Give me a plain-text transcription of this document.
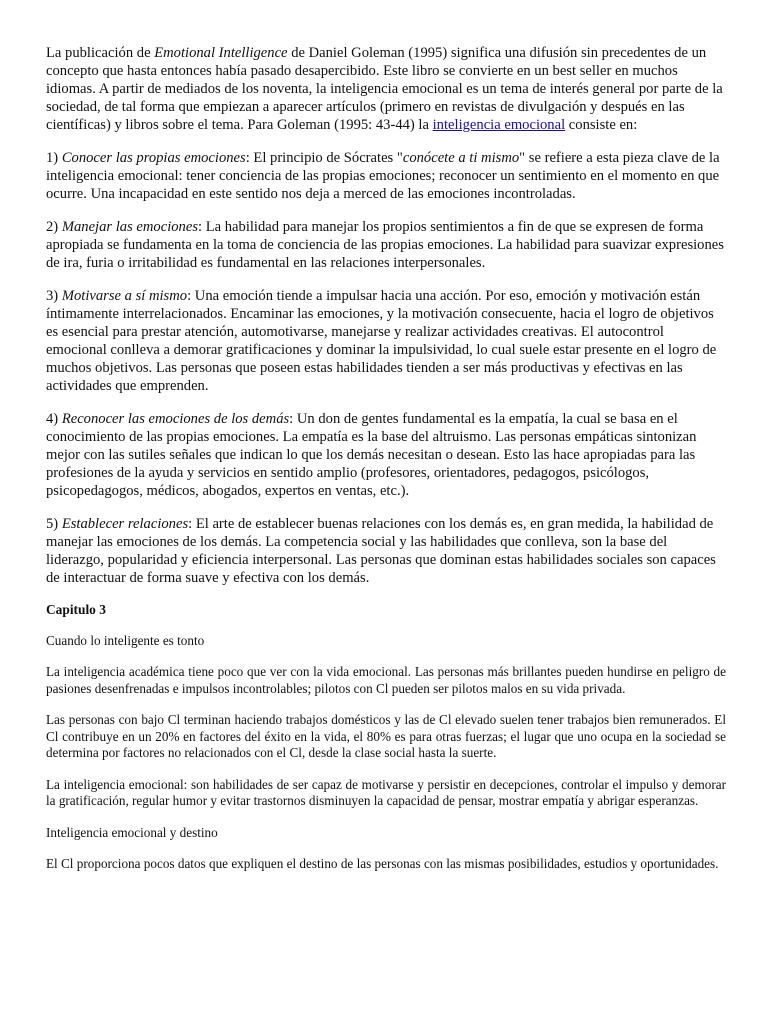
La publicación de Emotional Intelligence de Daniel Goleman (1995) significa una difusión sin precedentes de un concepto que hasta entonces había pasado desapercibido. Este libro se convierte en un best seller en muchos idiomas. A partir de mediados de los noventa, la inteligencia emocional es un tema de interés general por parte de la sociedad, de tal forma que empiezan a aparecer artículos (primero en revistas de divulgación y después en las científicas) y libros sobre el tema. Para Goleman (1995: 43-44) la inteligencia emocional consiste en:

1) Conocer las propias emociones: El principio de Sócrates "conócete a ti mismo" se refiere a esta pieza clave de la inteligencia emocional: tener conciencia de las propias emociones; reconocer un sentimiento en el momento en que ocurre. Una incapacidad en este sentido nos deja a merced de las emociones incontroladas.

2) Manejar las emociones: La habilidad para manejar los propios sentimientos a fin de que se expresen de forma apropiada se fundamenta en la toma de conciencia de las propias emociones. La habilidad para suavizar expresiones de ira, furia o irritabilidad es fundamental en las relaciones interpersonales.

3) Motivarse a sí mismo: Una emoción tiende a impulsar hacia una acción. Por eso, emoción y motivación están íntimamente interrelacionados. Encaminar las emociones, y la motivación consecuente, hacia el logro de objetivos es esencial para prestar atención, automotivarse, manejarse y realizar actividades creativas. El autocontrol emocional conlleva a demorar gratificaciones y dominar la impulsividad, lo cual suele estar presente en el logro de muchos objetivos. Las personas que poseen estas habilidades tienden a ser más productivas y efectivas en las actividades que emprenden.

4) Reconocer las emociones de los demás: Un don de gentes fundamental es la empatía, la cual se basa en el conocimiento de las propias emociones. La empatía es la base del altruismo. Las personas empáticas sintonizan mejor con las sutiles señales que indican lo que los demás necesitan o desean. Esto las hace apropiadas para las profesiones de la ayuda y servicios en sentido amplio (profesores, orientadores, pedagogos, psicólogos, psicopedagogos, médicos, abogados, expertos en ventas, etc.).

5) Establecer relaciones: El arte de establecer buenas relaciones con los demás es, en gran medida, la habilidad de manejar las emociones de los demás. La competencia social y las habilidades que conlleva, son la base del liderazgo, popularidad y eficiencia interpersonal. Las personas que dominan estas habilidades sociales son capaces de interactuar de forma suave y efectiva con los demás.

Capitulo 3

Cuando lo inteligente es tonto

La inteligencia académica tiene poco que ver con la vida emocional. Las personas más brillantes pueden hundirse en peligro de pasiones desenfrenadas e impulsos incontrolables; pilotos con Cl pueden ser pilotos malos en su vida privada.

Las personas con bajo Cl terminan haciendo trabajos domésticos y las de Cl elevado suelen tener trabajos bien remunerados. El Cl contribuye en un 20% en factores del éxito en la vida, el 80% es para otras fuerzas; el lugar que uno ocupa en la sociedad se determina por factores no relacionados con el Cl, desde la clase social hasta la suerte.

La inteligencia emocional: son habilidades de ser capaz de motivarse y persistir en decepciones, controlar el impulso y demorar la gratificación, regular humor y evitar trastornos disminuyen la capacidad de pensar, mostrar empatía y abrigar esperanzas.

Inteligencia emocional y destino

El Cl proporciona pocos datos que expliquen el destino de las personas con las mismas posibilidades, estudios y oportunidades.
